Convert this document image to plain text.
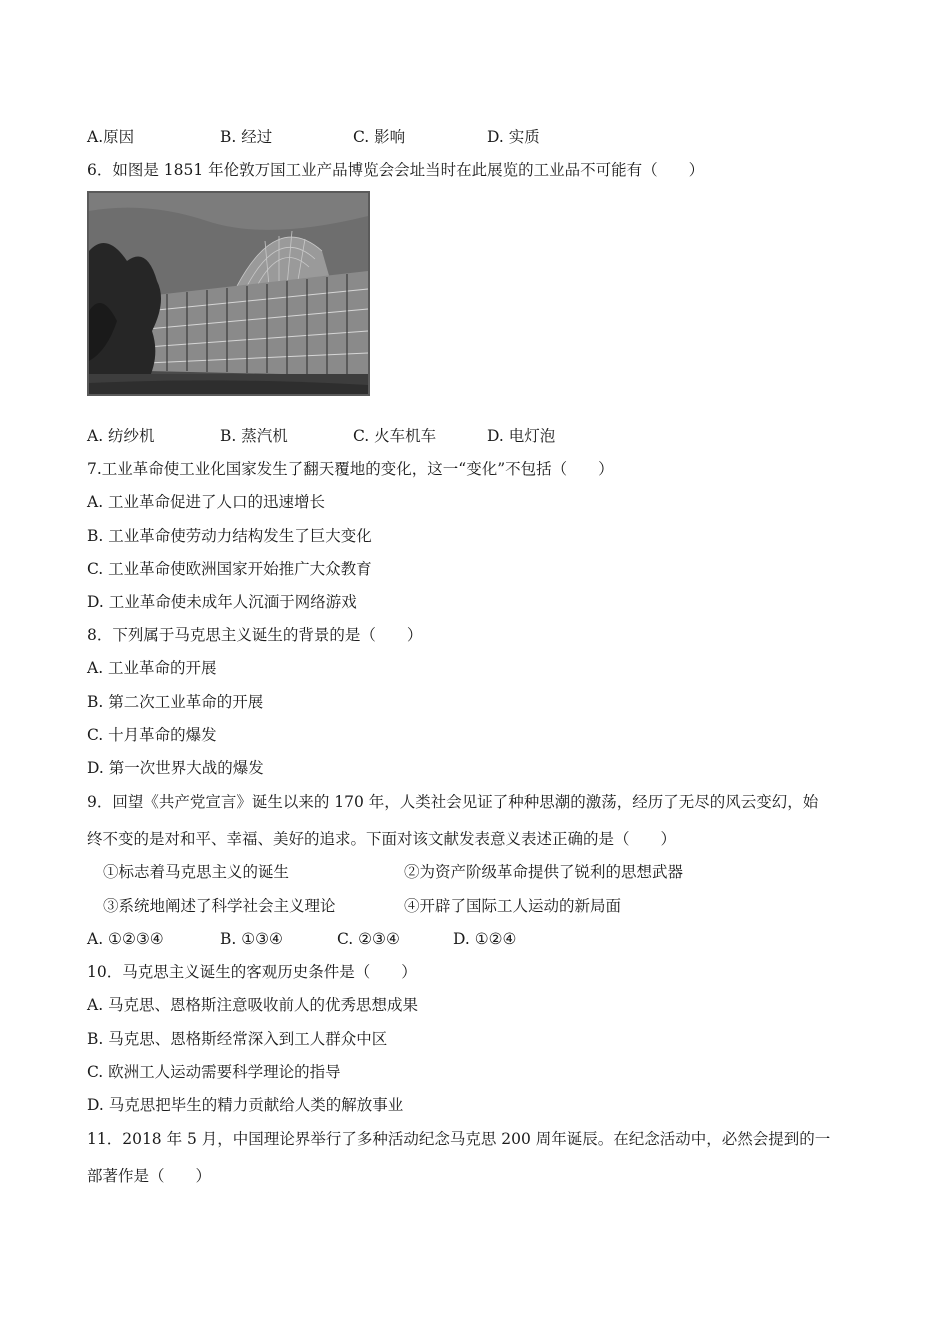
A.原因	B. 经过	C. 影响	D. 实质
6．如图是 1851 年伦敦万国工业产品博览会会址当时在此展览的工业品不可能有（　　）
A. 纺纱机	B. 蒸汽机	C. 火车机车	D. 电灯泡
7.工业革命使工业化国家发生了翻天覆地的变化，这一“变化”不包括（　　）
A. 工业革命促进了人口的迅速增长
B. 工业革命使劳动力结构发生了巨大变化
C. 工业革命使欧洲国家开始推广大众教育
D. 工业革命使未成年人沉湎于网络游戏
8．下列属于马克思主义诞生的背景的是（　　）
A. 工业革命的开展
B. 第二次工业革命的开展
C. 十月革命的爆发
D. 第一次世界大战的爆发
9．回望《共产党宣言》诞生以来的 170 年，人类社会见证了种种思潮的激荡，经历了无尽的风云变幻，始
终不变的是对和平、幸福、美好的追求。下面对该文献发表意义表述正确的是（　　）
①标志着马克思主义的诞生	②为资产阶级革命提供了锐利的思想武器
③系统地阐述了科学社会主义理论	④开辟了国际工人运动的新局面
A. ①②③④	B. ①③④	C. ②③④	D. ①②④
10．马克思主义诞生的客观历史条件是（　　）
A. 马克思、恩格斯注意吸收前人的优秀思想成果
B. 马克思、恩格斯经常深入到工人群众中区
C. 欧洲工人运动需要科学理论的指导
D. 马克思把毕生的精力贡献给人类的解放事业
11．2018 年 5 月，中国理论界举行了多种活动纪念马克思 200 周年诞辰。在纪念活动中，必然会提到的一
部著作是（　　）
